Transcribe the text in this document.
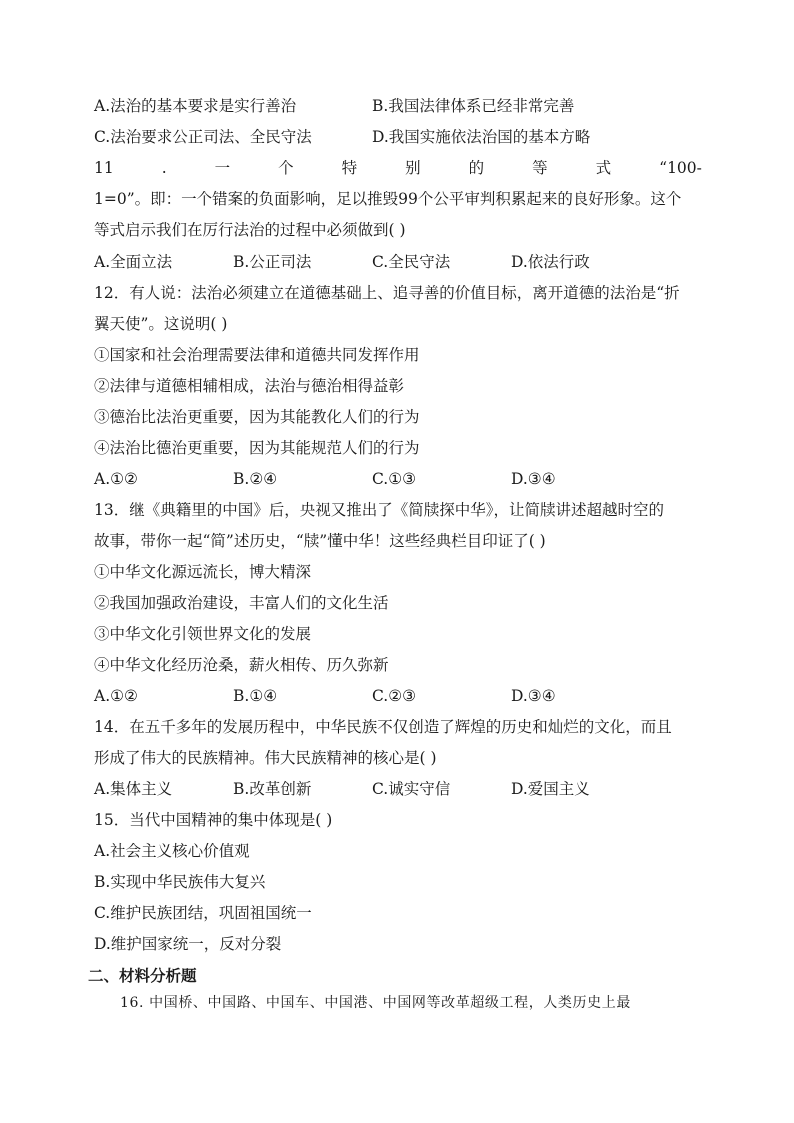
A.法治的基本要求是实行善治	B.我国法律体系已经非常完善
C.法治要求公正司法、全民守法	D.我国实施依法治国的基本方略
11	.	一	个	特	别	的	等	式	“100-
1=0”。即：一个错案的负面影响，足以推毁99个公平审判积累起来的良好形象。这个
等式启示我们在厉行法治的过程中必须做到( )
A.全面立法	B.公正司法	C.全民守法	D.依法行政
12．有人说：法治必须建立在道德基础上、追寻善的价值目标，离开道德的法治是“折
翼天使”。这说明( )
①国家和社会治理需要法律和道德共同发挥作用
②法律与道德相辅相成，法治与德治相得益彰
③德治比法治更重要，因为其能教化人们的行为
④法治比德治更重要，因为其能规范人们的行为
A.①②	B.②④	C.①③	D.③④
13．继《典籍里的中国》后，央视又推出了《简牍探中华》，让简牍讲述超越时空的
故事，带你一起“简”述历史，“牍”懂中华！这些经典栏目印证了( )
①中华文化源远流长，博大精深
②我国加强政治建设，丰富人们的文化生活
③中华文化引领世界文化的发展
④中华文化经历沧桑，薪火相传、历久弥新
A.①②	B.①④	C.②③	D.③④
14．在五千多年的发展历程中，中华民族不仅创造了辉煌的历史和灿烂的文化，而且
形成了伟大的民族精神。伟大民族精神的核心是( )
A.集体主义	B.改革创新	C.诚实守信	D.爱国主义
15．当代中国精神的集中体现是( )
A.社会主义核心价值观
B.实现中华民族伟大复兴
C.维护民族团结，巩固祖国统一
D.维护国家统一，反对分裂
二、材料分析题
16. 中国桥、中国路、中国车、中国港、中国网等改革超级工程，人类历史上最
